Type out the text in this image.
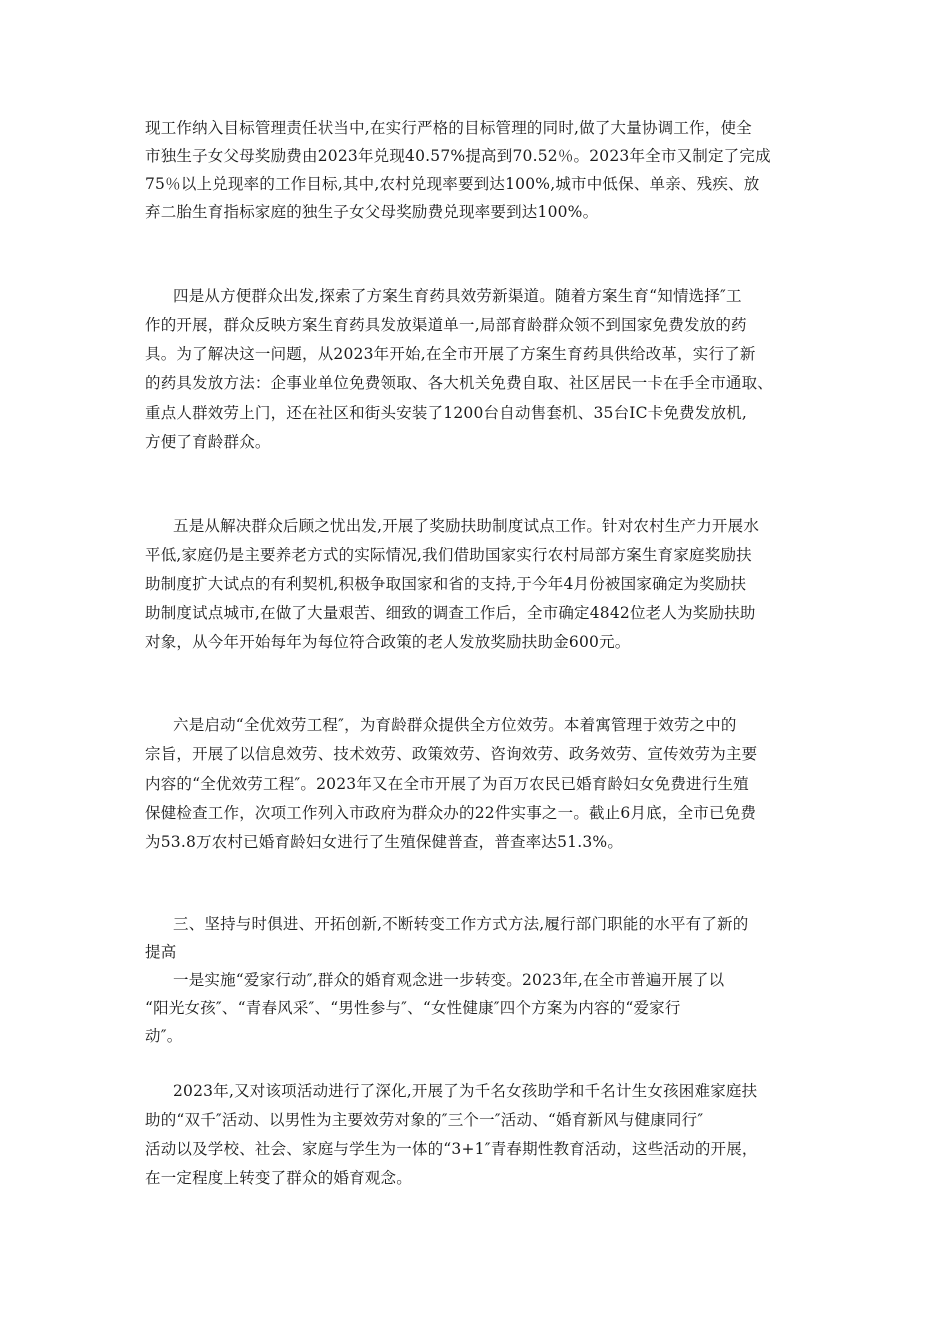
现工作纳入目标管理责任状当中,在实行严格的目标管理的同时,做了大量协调工作，使全
市独生子女父母奖励费由2023年兑现40.57%提高到70.52％。2023年全市又制定了完成
75％以上兑现率的工作目标,其中,农村兑现率要到达100%,城市中低保、单亲、残疾、放
弃二胎生育指标家庭的独生子女父母奖励费兑现率要到达100%。
四是从方便群众出发,探索了方案生育药具效劳新渠道。随着方案生育“知情选择″工
作的开展，群众反映方案生育药具发放渠道单一,局部育龄群众领不到国家免费发放的药
具。为了解决这一问题，从2023年开始,在全市开展了方案生育药具供给改革，实行了新
的药具发放方法：企事业单位免费领取、各大机关免费自取、社区居民一卡在手全市通取、
重点人群效劳上门，还在社区和街头安装了1200台自动售套机、35台IC卡免费发放机,
方便了育龄群众。
五是从解决群众后顾之忧出发,开展了奖励扶助制度试点工作。针对农村生产力开展水
平低,家庭仍是主要养老方式的实际情况,我们借助国家实行农村局部方案生育家庭奖励扶
助制度扩大试点的有利契机,积极争取国家和省的支持,于今年4月份被国家确定为奖励扶
助制度试点城市,在做了大量艰苦、细致的调查工作后，全市确定4842位老人为奖励扶助
对象，从今年开始每年为每位符合政策的老人发放奖励扶助金600元。
六是启动“全优效劳工程″，为育龄群众提供全方位效劳。本着寓管理于效劳之中的
宗旨，开展了以信息效劳、技术效劳、政策效劳、咨询效劳、政务效劳、宣传效劳为主要
内容的“全优效劳工程″。2023年又在全市开展了为百万农民已婚育龄妇女免费进行生殖
保健检查工作，次项工作列入市政府为群众办的22件实事之一。截止6月底，全市已免费
为53.8万农村已婚育龄妇女进行了生殖保健普查，普查率达51.3%。
三、坚持与时俱进、开拓创新,不断转变工作方式方法,履行部门职能的水平有了新的
提高
一是实施“爱家行动″,群众的婚育观念进一步转变。2023年,在全市普遍开展了以
“阳光女孩″、“青春风采″、“男性参与″、“女性健康″四个方案为内容的“爱家行
动″。
2023年,又对该项活动进行了深化,开展了为千名女孩助学和千名计生女孩困难家庭扶
助的“双千″活动、以男性为主要效劳对象的″三个一″活动、“婚育新风与健康同行″
活动以及学校、社会、家庭与学生为一体的“3+1″青春期性教育活动，这些活动的开展，
在一定程度上转变了群众的婚育观念。
